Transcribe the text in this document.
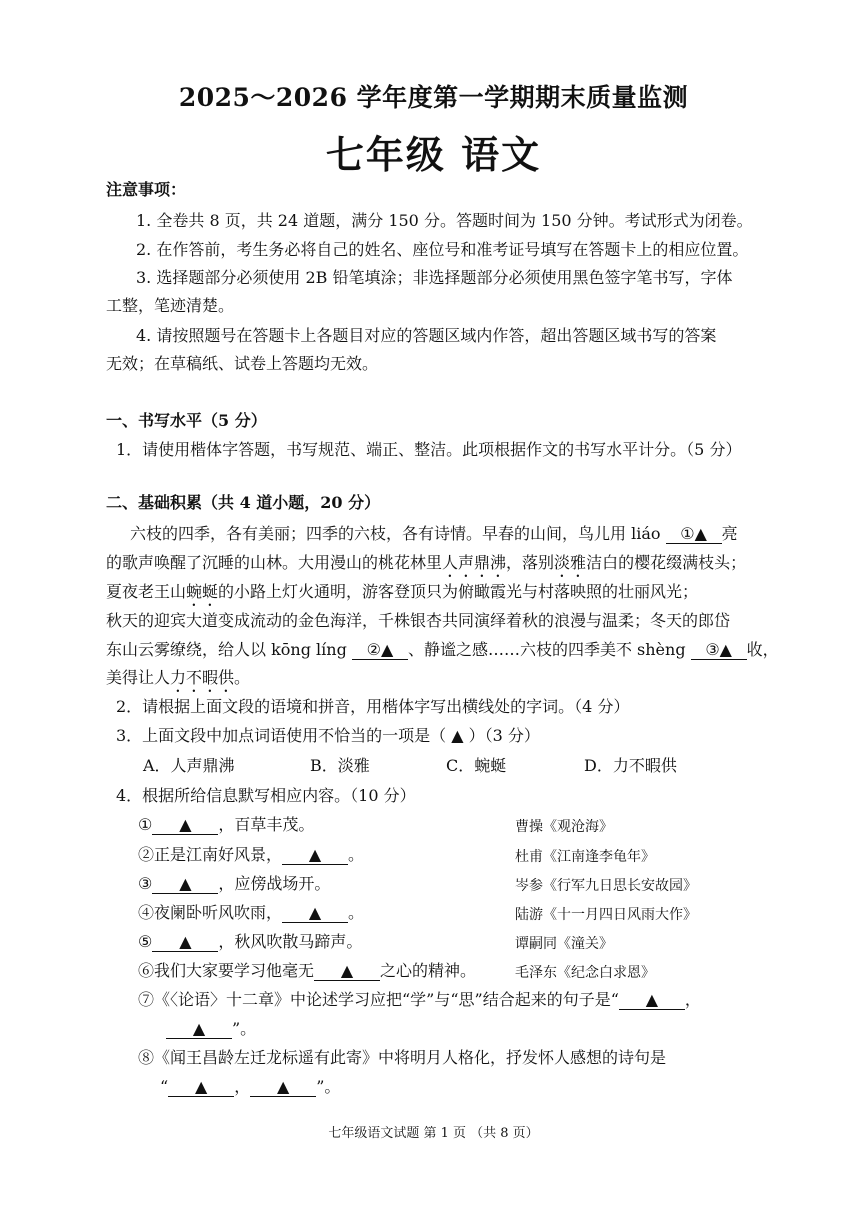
2025～2026 学年度第一学期期末质量监测
七年级 语文
注意事项：
1. 全卷共 8 页，共 24 道题，满分 150 分。答题时间为 150 分钟。考试形式为闭卷。
2. 在作答前，考生务必将自己的姓名、座位号和准考证号填写在答题卡上的相应位置。
3. 选择题部分必须使用 2B 铅笔填涂；非选择题部分必须使用黑色签字笔书写，字体
工整，笔迹清楚。
4. 请按照题号在答题卡上各题目对应的答题区域内作答，超出答题区域书写的答案
无效；在草稿纸、试卷上答题均无效。
一、书写水平（5 分）
1．请使用楷体字答题，书写规范、端正、整洁。此项根据作文的书写水平计分。（5 分）
二、基础积累（共 4 道小题，20 分）
六枝的四季，各有美丽；四季的六枝，各有诗情。早春的山间，鸟儿用 liáo ①▲ 亮
的歌声唤醒了沉睡的山林。大用漫山的桃花林里人声鼎沸，落别淡雅洁白的樱花缀满枝头；
夏夜老王山蜿蜒的小路上灯火通明，游客登顶只为俯瞰霞光与村落映照的壮丽风光；
秋天的迎宾大道变成流动的金色海洋，千株银杏共同演绎着秋的浪漫与温柔；冬天的郎岱
东山云雾缭绕，给人以 kōng líng ②▲ 、静谧之感……六枝的四季美不 shèng ③▲ 收，
美得让人力不暇供。
2．请根据上面文段的语境和拼音，用楷体字写出横线处的字词。（4 分）
3．上面文段中加点词语使用不恰当的一项是（ ▲ ）（3 分）
A．人声鼎沸	B．淡雅	C．蜿蜒	D．力不暇供
4．根据所给信息默写相应内容。（10 分）
① ▲ ，百草丰茂。	曹操《观沧海》
②正是江南好风景， ▲ 。	杜甫《江南逢李龟年》
③ ▲ ，应傍战场开。	岑参《行军九日思长安故园》
④夜阑卧听风吹雨， ▲ 。	陆游《十一月四日风雨大作》
⑤ ▲ ，秋风吹散马蹄声。	谭嗣同《潼关》
⑥我们大家要学习他毫无 ▲ 之心的精神。	毛泽东《纪念白求恩》
⑦《〈论语〉十二章》中论述学习应把“学”与“思”结合起来的句子是“ ▲ ，
▲ ”。
⑧《闻王昌龄左迁龙标遥有此寄》中将明月人格化，抒发怀人感想的诗句是
“ ▲ ， ▲ ”。
七年级语文试题 第 1 页 （共 8 页）
